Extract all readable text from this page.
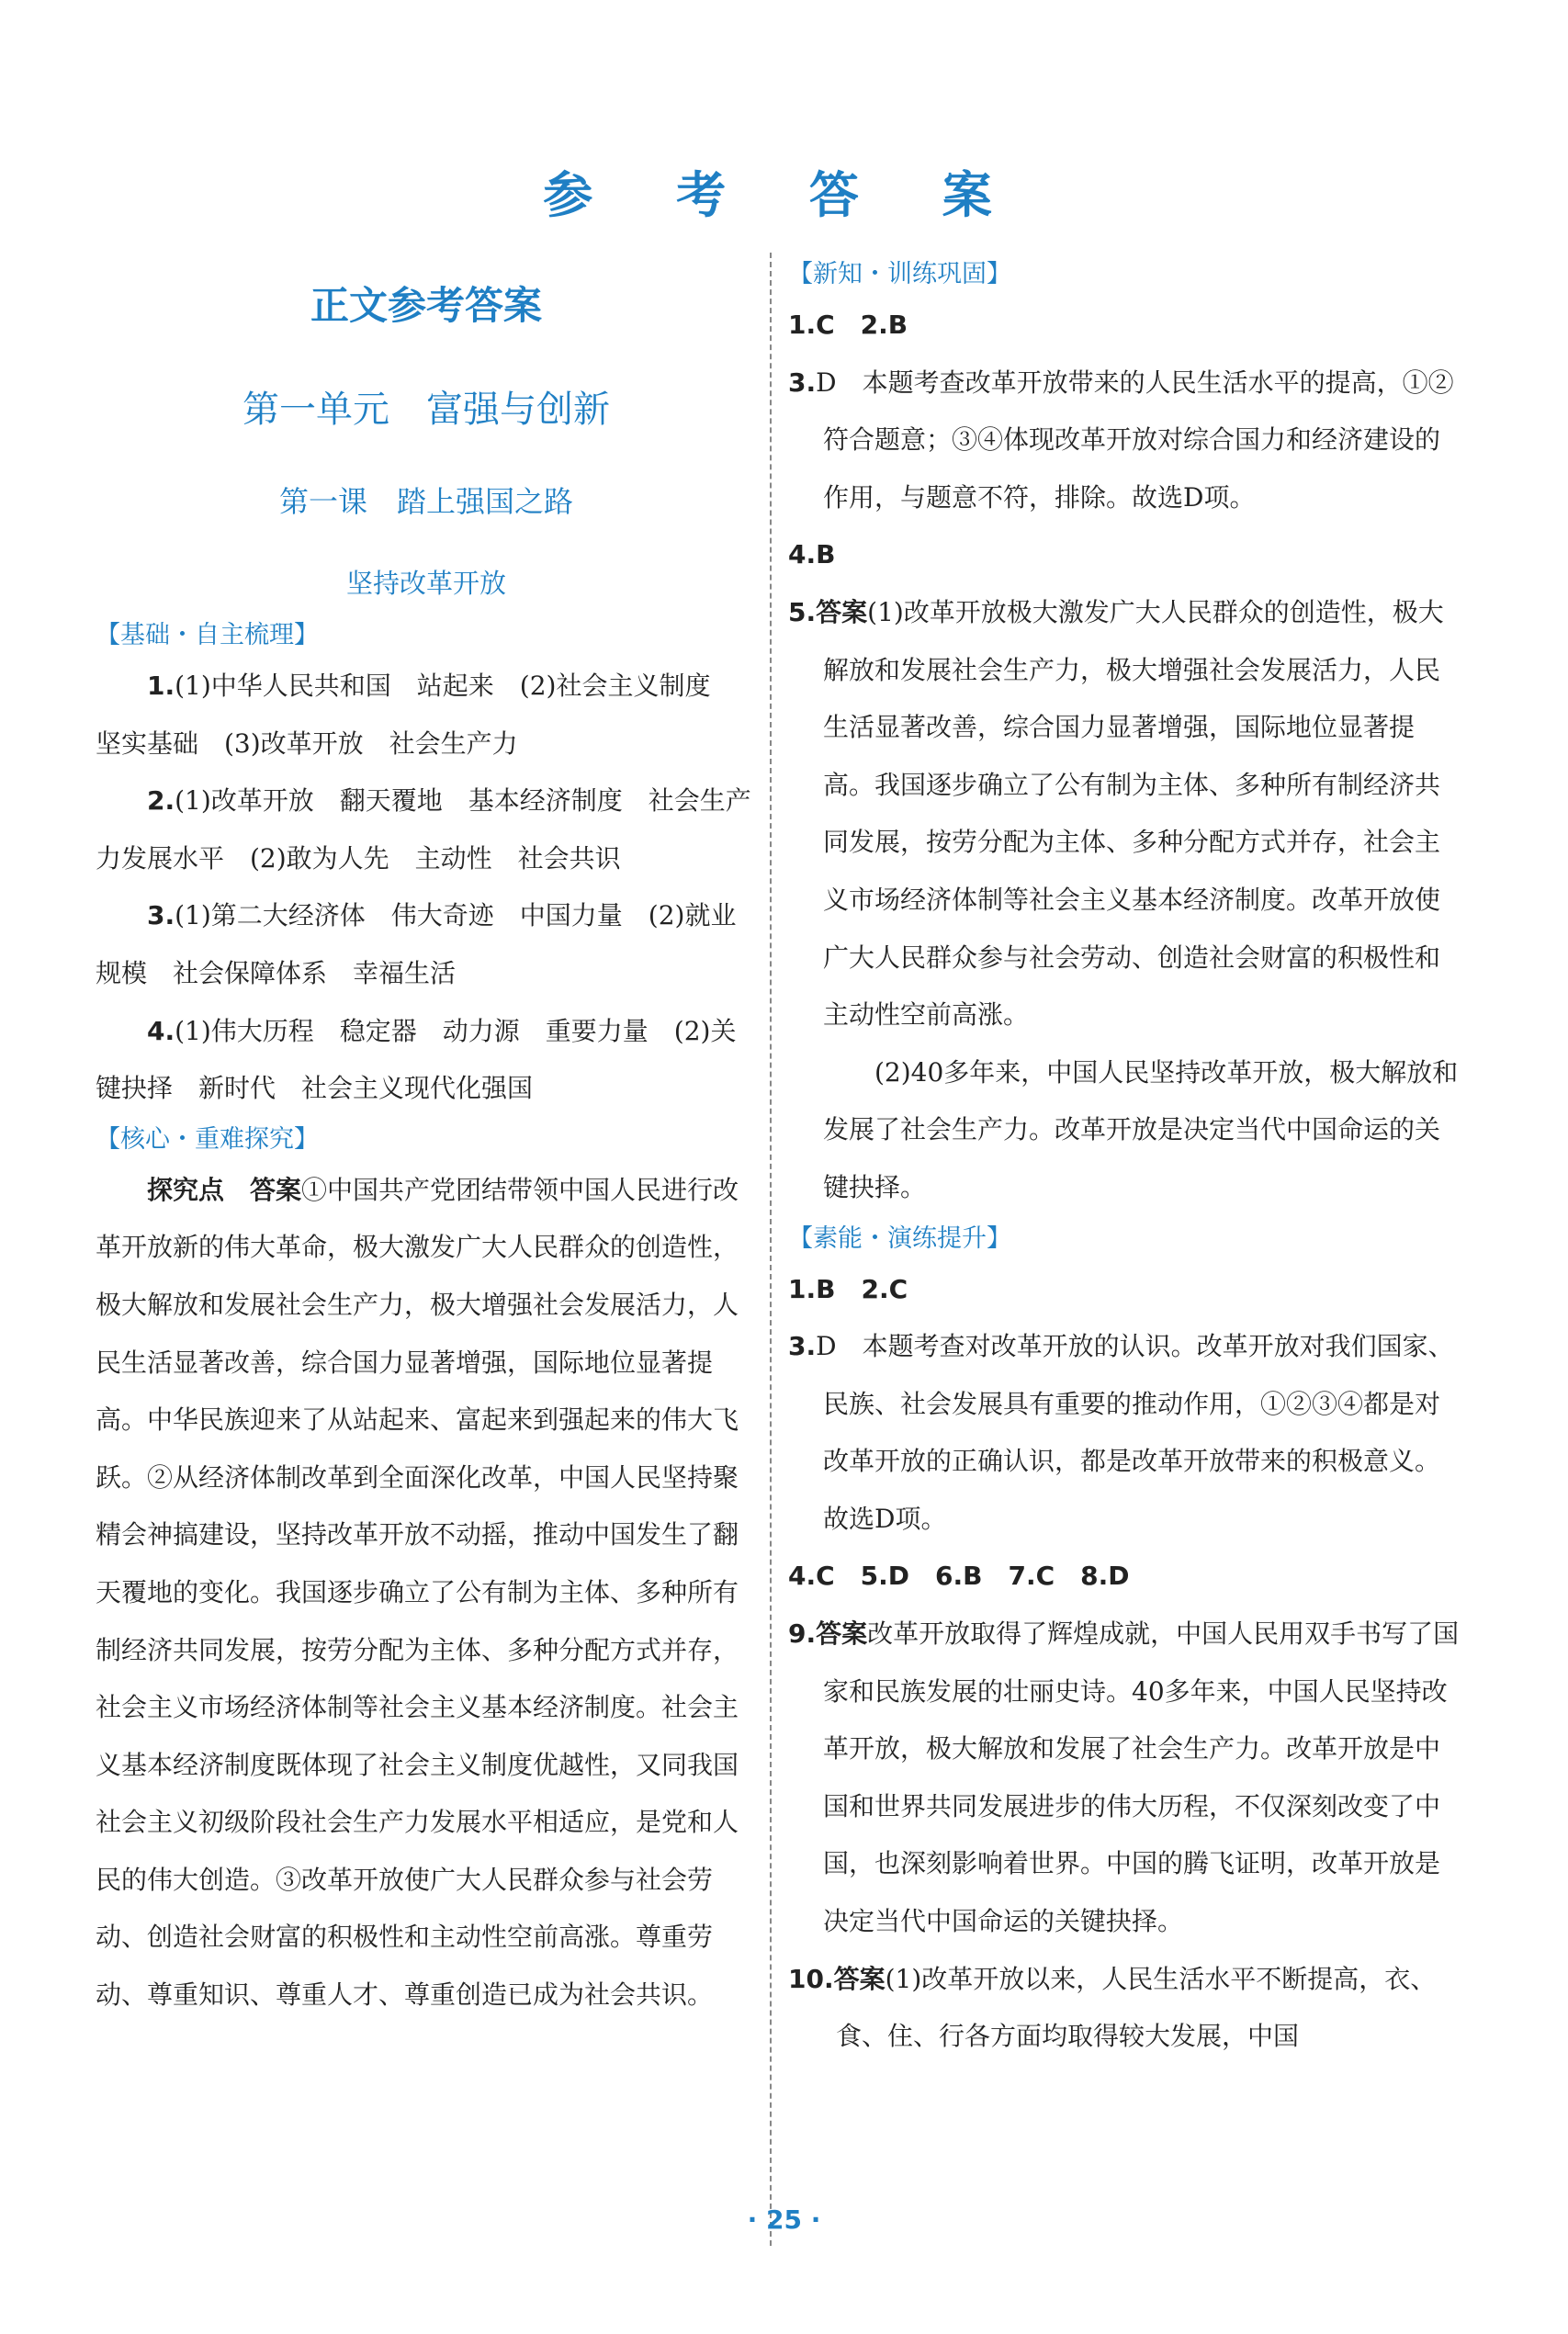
参 考 答 案
正文参考答案
第一单元　富强与创新
第一课　踏上强国之路
坚持改革开放
【基础・自主梳理】

1.(1)中华人民共和国　站起来　(2)社会主义制度　坚实基础　(3)改革开放　社会生产力

2.(1)改革开放　翻天覆地　基本经济制度　社会生产力发展水平　(2)敢为人先　主动性　社会共识

3.(1)第二大经济体　伟大奇迹　中国力量　(2)就业规模　社会保障体系　幸福生活

4.(1)伟大历程　稳定器　动力源　重要力量　(2)关键抉择　新时代　社会主义现代化强国

【核心・重难探究】

探究点　答案①中国共产党团结带领中国人民进行改革开放新的伟大革命，极大激发广大人民群众的创造性，极大解放和发展社会生产力，极大增强社会发展活力，人民生活显著改善，综合国力显著增强，国际地位显著提高。中华民族迎来了从站起来、富起来到强起来的伟大飞跃。②从经济体制改革到全面深化改革，中国人民坚持聚精会神搞建设，坚持改革开放不动摇，推动中国发生了翻天覆地的变化。我国逐步确立了公有制为主体、多种所有制经济共同发展，按劳分配为主体、多种分配方式并存，社会主义市场经济体制等社会主义基本经济制度。社会主义基本经济制度既体现了社会主义制度优越性，又同我国社会主义初级阶段社会生产力发展水平相适应，是党和人民的伟大创造。③改革开放使广大人民群众参与社会劳动、创造社会财富的积极性和主动性空前高涨。尊重劳动、尊重知识、尊重人才、尊重创造已成为社会共识。

【新知・训练巩固】

1.C　2.B

3.D　本题考查改革开放带来的人民生活水平的提高，①②符合题意；③④体现改革开放对综合国力和经济建设的作用，与题意不符，排除。故选D项。

4.B

5.答案(1)改革开放极大激发广大人民群众的创造性，极大解放和发展社会生产力，极大增强社会发展活力，人民生活显著改善，综合国力显著增强，国际地位显著提高。我国逐步确立了公有制为主体、多种所有制经济共同发展，按劳分配为主体、多种分配方式并存，社会主义市场经济体制等社会主义基本经济制度。改革开放使广大人民群众参与社会劳动、创造社会财富的积极性和主动性空前高涨。

(2)40多年来，中国人民坚持改革开放，极大解放和发展了社会生产力。改革开放是决定当代中国命运的关键抉择。

【素能・演练提升】

1.B　2.C

3.D　本题考查对改革开放的认识。改革开放对我们国家、民族、社会发展具有重要的推动作用，①②③④都是对改革开放的正确认识，都是改革开放带来的积极意义。故选D项。

4.C　5.D　6.B　7.C　8.D

9.答案改革开放取得了辉煌成就，中国人民用双手书写了国家和民族发展的壮丽史诗。40多年来，中国人民坚持改革开放，极大解放和发展了社会生产力。改革开放是中国和世界共同发展进步的伟大历程，不仅深刻改变了中国，也深刻影响着世界。中国的腾飞证明，改革开放是决定当代中国命运的关键抉择。

10.答案(1)改革开放以来，人民生活水平不断提高，衣、食、住、行各方面均取得较大发展，中国

· 25 ·
